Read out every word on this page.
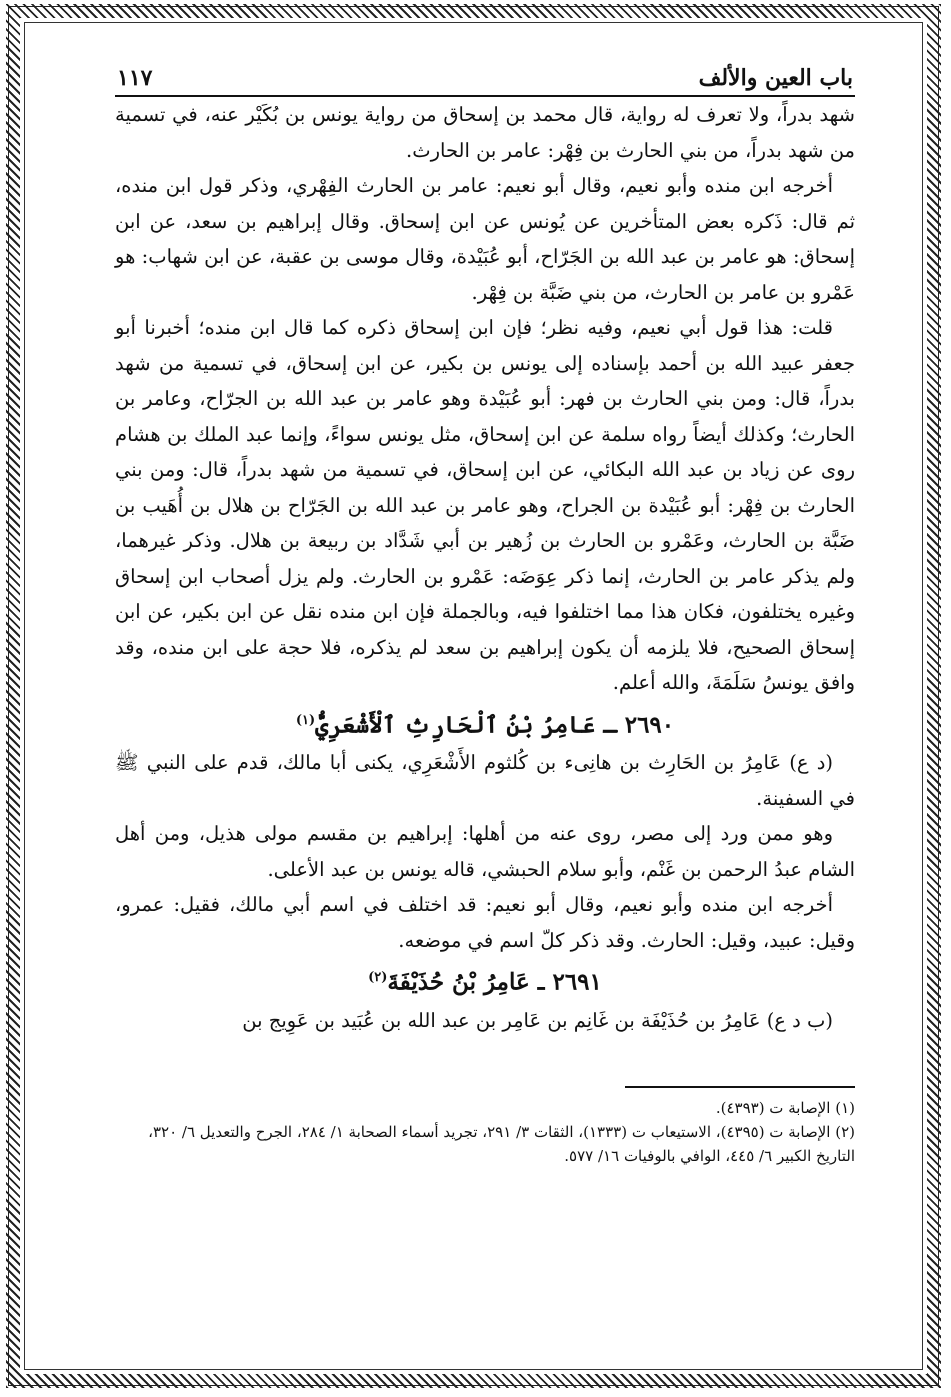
باب العين والألف
١١٧

شهد بدراً، ولا تعرف له رواية، قال محمد بن إسحاق من رواية يونس بن بُكَيْر عنه، في تسمية من شهد بدراً، من بني الحارث بن فِهْر: عامر بن الحارث.

أخرجه ابن منده وأبو نعيم، وقال أبو نعيم: عامر بن الحارث الفِهْري، وذكر قول ابن منده، ثم قال: ذَكره بعض المتأخرين عن يُونس عن ابن إسحاق. وقال إبراهيم بن سعد، عن ابن إسحاق: هو عامر بن عبد الله بن الجَرّاح، أبو عُبَيْدة، وقال موسى بن عقبة، عن ابن شهاب: هو عَمْرو بن عامر بن الحارث، من بني ضَبَّة بن فِهْر.

قلت: هذا قول أبي نعيم، وفيه نظر؛ فإن ابن إسحاق ذكره كما قال ابن منده؛ أخبرنا أبو جعفر عبيد الله بن أحمد بإسناده إلى يونس بن بكير، عن ابن إسحاق، في تسمية من شهد بدراً، قال: ومن بني الحارث بن فهر: أبو عُبَيْدة وهو عامر بن عبد الله بن الجرّاح، وعامر بن الحارث؛ وكذلك أيضاً رواه سلمة عن ابن إسحاق، مثل يونس سواءً، وإنما عبد الملك بن هشام روى عن زياد بن عبد الله البكائي، عن ابن إسحاق، في تسمية من شهد بدراً، قال: ومن بني الحارث بن فِهْر: أبو عُبَيْدة بن الجراح، وهو عامر بن عبد الله بن الجَرّاح بن هلال بن أُهَيب بن ضَبَّة بن الحارث، وعَمْرو بن الحارث بن زُهير بن أبي شَدَّاد بن ربيعة بن هلال. وذكر غيرهما، ولم يذكر عامر بن الحارث، إنما ذكر عِوَضَه: عَمْرو بن الحارث. ولم يزل أصحاب ابن إسحاق وغيره يختلفون، فكان هذا مما اختلفوا فيه، وبالجملة فإن ابن منده نقل عن ابن بكير، عن ابن إسحاق الصحيح، فلا يلزمه أن يكون إبراهيم بن سعد لم يذكره، فلا حجة على ابن منده، وقد وافق يونسُ سَلَمَةَ، والله أعلم.

٢٦٩٠ ـ عَامِرُ بْنُ ٱلْحَارِثِ ٱلْأَشْعَرِيُّ$^{(١)}$

(د ع) عَامِرُ بن الحَارِث بن هانِىء بن كُلثوم الأَشْعَرِي، يكنى أبا مالك، قدم على النبي ﷺ في السفينة.

وهو ممن ورد إلى مصر، روى عنه من أهلها: إبراهيم بن مقسم مولى هذيل، ومن أهل الشام عبدُ الرحمن بن غَنْم، وأبو سلام الحبشي، قاله يونس بن عبد الأعلى.

أخرجه ابن منده وأبو نعيم، وقال أبو نعيم: قد اختلف في اسم أبي مالك، فقيل: عمرو، وقيل: عبيد، وقيل: الحارث. وقد ذكر كلّ اسم في موضعه.

٢٦٩١ ـ عَامِرُ بْنُ حُذَيْفَةَ$^{(٢)}$

(ب د ع) عَامِرُ بن حُذَيْفَة بن غَانِم بن عَامِر بن عبد الله بن عُبَيد بن عَوِيج بن

(١) الإصابة ت (٤٣٩٣).

(٢) الإصابة ت (٤٣٩٥)، الاستيعاب ت (١٣٣٣)، الثقات ٣/ ٢٩١، تجريد أسماء الصحابة ١/ ٢٨٤، الجرح والتعديل ٦/ ٣٢٠، التاريخ الكبير ٦/ ٤٤٥، الوافي بالوفيات ١٦/ ٥٧٧.
